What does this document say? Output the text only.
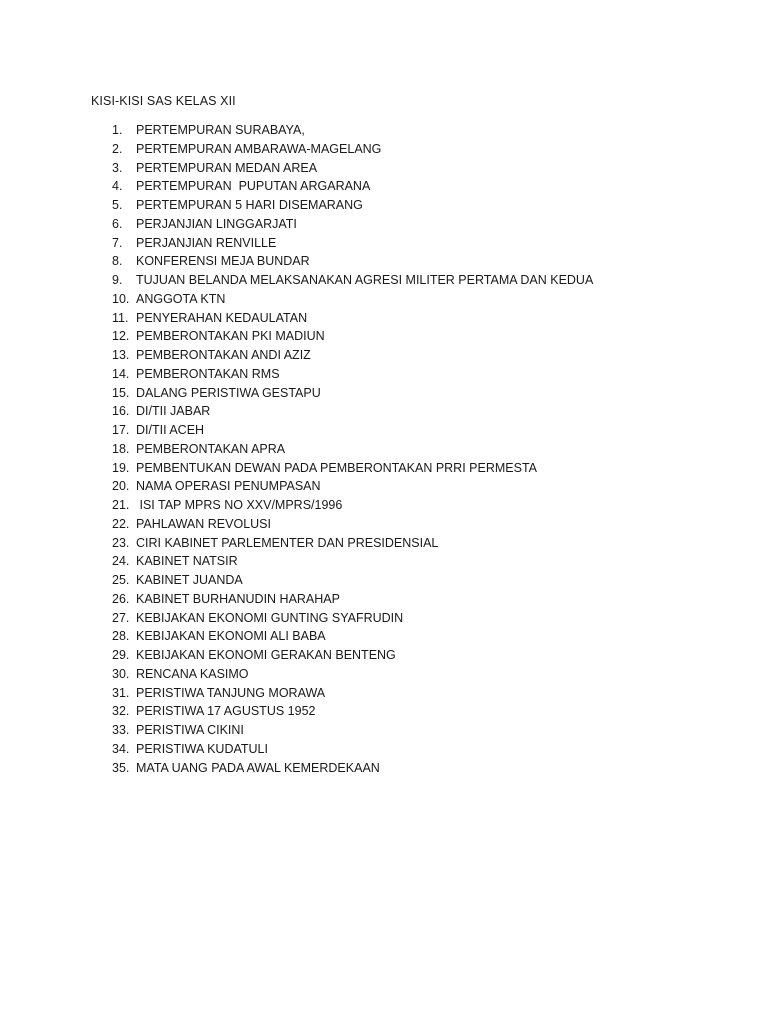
KISI-KISI SAS KELAS XII
1. PERTEMPURAN SURABAYA,
2. PERTEMPURAN AMBARAWA-MAGELANG
3. PERTEMPURAN MEDAN AREA
4. PERTEMPURAN  PUPUTAN ARGARANA
5. PERTEMPURAN 5 HARI DISEMARANG
6. PERJANJIAN LINGGARJATI
7. PERJANJIAN RENVILLE
8. KONFERENSI MEJA BUNDAR
9. TUJUAN BELANDA MELAKSANAKAN AGRESI MILITER PERTAMA DAN KEDUA
10. ANGGOTA KTN
11. PENYERAHAN KEDAULATAN
12. PEMBERONTAKAN PKI MADIUN
13. PEMBERONTAKAN ANDI AZIZ
14. PEMBERONTAKAN RMS
15. DALANG PERISTIWA GESTAPU
16. DI/TII JABAR
17. DI/TII ACEH
18. PEMBERONTAKAN APRA
19. PEMBENTUKAN DEWAN PADA PEMBERONTAKAN PRRI PERMESTA
20. NAMA OPERASI PENUMPASAN
21. ISI TAP MPRS NO XXV/MPRS/1996
22. PAHLAWAN REVOLUSI
23. CIRI KABINET PARLEMENTER DAN PRESIDENSIAL
24. KABINET NATSIR
25. KABINET JUANDA
26. KABINET BURHANUDIN HARAHAP
27. KEBIJAKAN EKONOMI GUNTING SYAFRUDIN
28. KEBIJAKAN EKONOMI ALI BABA
29. KEBIJAKAN EKONOMI GERAKAN BENTENG
30. RENCANA KASIMO
31. PERISTIWA TANJUNG MORAWA
32. PERISTIWA 17 AGUSTUS 1952
33. PERISTIWA CIKINI
34. PERISTIWA KUDATULI
35. MATA UANG PADA AWAL KEMERDEKAAN
